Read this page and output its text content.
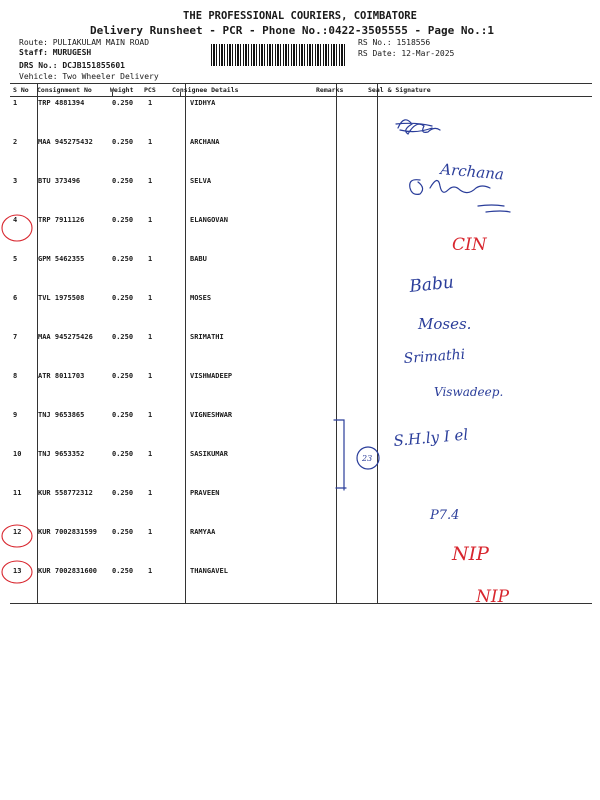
THE PROFESSIONAL COURIERS, COIMBATORE
Delivery Runsheet - PCR - Phone No.:0422-3505555 - Page No.:1
Route: PULIAKULAM MAIN ROAD
Staff: MURUGESH
DRS No.: DCJB151855601
Vehicle: Two Wheeler Delivery
RS No.: 1518556
RS Date: 12-Mar-2025
S No Consignment No	Weight PCS	Consignee Details	Remarks	Seal & Signature
1	TRP 4881394	0.250 1	VIDHYA
2	MAA 945275432	0.250 1	ARCHANA
3	BTU 373496	0.250 1	SELVA
4	TRP 7911126	0.250 1	ELANGOVAN
5	GPM 5462355	0.250 1	BABU
6	TVL 1975508	0.250 1	MOSES
7	MAA 945275426	0.250 1	SRIMATHI
8	ATR 8011703	0.250 1	VISHWADEEP
9	TNJ 9653865	0.250 1	VIGNESHWAR
10 TNJ 9653352	0.250 1	SASIKUMAR
11 KUR 558772312	0.250 1	PRAVEEN
12 KUR 7002831599 0.250 1	RAMYAA
13 KUR 7002831600 0.250 1	THANGAVEL
Archana
Babu
Moses.
Srimathi
Viswadeep.
S.H.ly I el
23
P7.4
CIN
NIP
NIP
